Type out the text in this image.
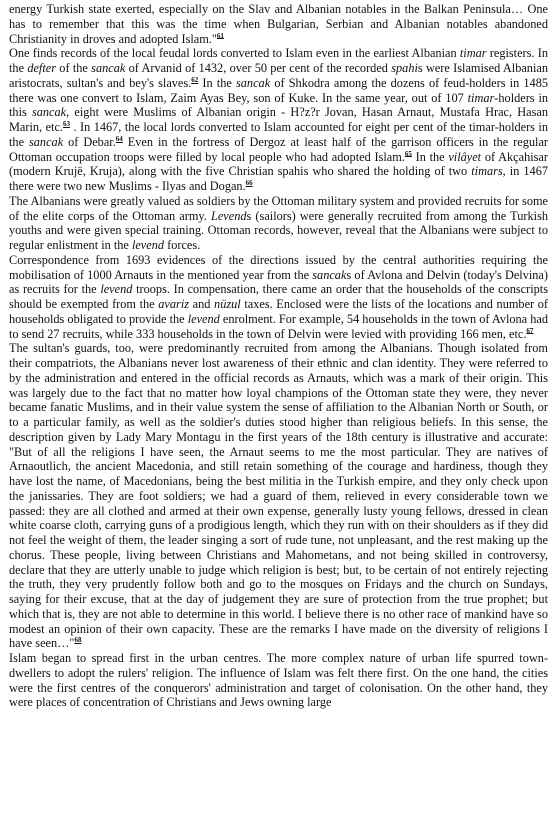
energy Turkish state exerted, especially on the Slav and Albanian notables in the Balkan Peninsula… One has to remember that this was the time when Bulgarian, Serbian and Albanian notables abandoned Christianity in droves and adopted Islam."$^{61}$

One finds records of the local feudal lords converted to Islam even in the earliest Albanian timar registers. In the defter of the sancak of Arvanid of 1432, over 50 per cent of the recorded spahis were Islamised Albanian aristocrats, sultan's and bey's slaves.$^{62}$ In the sancak of Shkodra among the dozens of feud-holders in 1485 there was one convert to Islam, Zaim Ayas Bey, son of Kuke. In the same year, out of 107 timar-holders in this sancak, eight were Muslims of Albanian origin - H?z?r Jovan, Hasan Arnaut, Mustafa Hrac, Hasan Marin, etc.$^{63}$ . In 1467, the local lords converted to Islam accounted for eight per cent of the timar-holders in the sancak of Debar.$^{64}$ Even in the fortress of Dergoz at least half of the garrison officers in the regular Ottoman occupation troops were filled by local people who had adopted Islam.$^{65}$ In the vilâyet of Akçahisar (modern Krujë, Kruja), along with the five Christian spahis who shared the holding of two timars, in 1467 there were two new Muslims - Ilyas and Dogan.$^{66}$

The Albanians were greatly valued as soldiers by the Ottoman military system and provided recruits for some of the elite corps of the Ottoman army. Levends (sailors) were generally recruited from among the Turkish youths and were given special training. Ottoman records, however, reveal that the Albanians were subject to regular enlistment in the levend forces.

Correspondence from 1693 evidences of the directions issued by the central authorities requiring the mobilisation of 1000 Arnauts in the mentioned year from the sancaks of Avlona and Delvin (today's Delvina) as recruits for the levend troops. In compensation, there came an order that the households of the conscripts should be exempted from the avariz and nüzul taxes. Enclosed were the lists of the locations and number of households obligated to provide the levend enrolment. For example, 54 households in the town of Avlona had to send 27 recruits, while 333 households in the town of Delvin were levied with providing 166 men, etc.$^{67}$

The sultan's guards, too, were predominantly recruited from among the Albanians. Though isolated from their compatriots, the Albanians never lost awareness of their ethnic and clan identity. They were referred to by the administration and entered in the official records as Arnauts, which was a mark of their origin. This was largely due to the fact that no matter how loyal champions of the Ottoman state they were, they never became fanatic Muslims, and in their value system the sense of affiliation to the Albanian North or South, or to a particular family, as well as the soldier's duties stood higher than religious beliefs. In this sense, the description given by Lady Mary Montagu in the first years of the 18th century is illustrative and accurate: "But of all the religions I have seen, the Arnaut seems to me the most particular. They are natives of Arnaoutlich, the ancient Macedonia, and still retain something of the courage and hardiness, though they have lost the name, of Macedonians, being the best militia in the Turkish empire, and they only check upon the janissaries. They are foot soldiers; we had a guard of them, relieved in every considerable town we passed: they are all clothed and armed at their own expense, generally lusty young fellows, dressed in clean white coarse cloth, carrying guns of a prodigious length, which they run with on their shoulders as if they did not feel the weight of them, the leader singing a sort of rude tune, not unpleasant, and the rest making up the chorus. These people, living between Christians and Mahometans, and not being skilled in controversy, declare that they are utterly unable to judge which religion is best; but, to be certain of not entirely rejecting the truth, they very prudently follow both and go to the mosques on Fridays and the church on Sundays, saying for their excuse, that at the day of judgement they are sure of protection from the true prophet; but which that is, they are not able to determine in this world. I believe there is no other race of mankind have so modest an opinion of their own capacity. These are the remarks I have made on the diversity of religions I have seen…"$^{68}$

Islam began to spread first in the urban centres. The more complex nature of urban life spurred town-dwellers to adopt the rulers' religion. The influence of Islam was felt there first. On the one hand, the cities were the first centres of the conquerors' administration and target of colonisation. On the other hand, they were places of concentration of Christians and Jews owning large
